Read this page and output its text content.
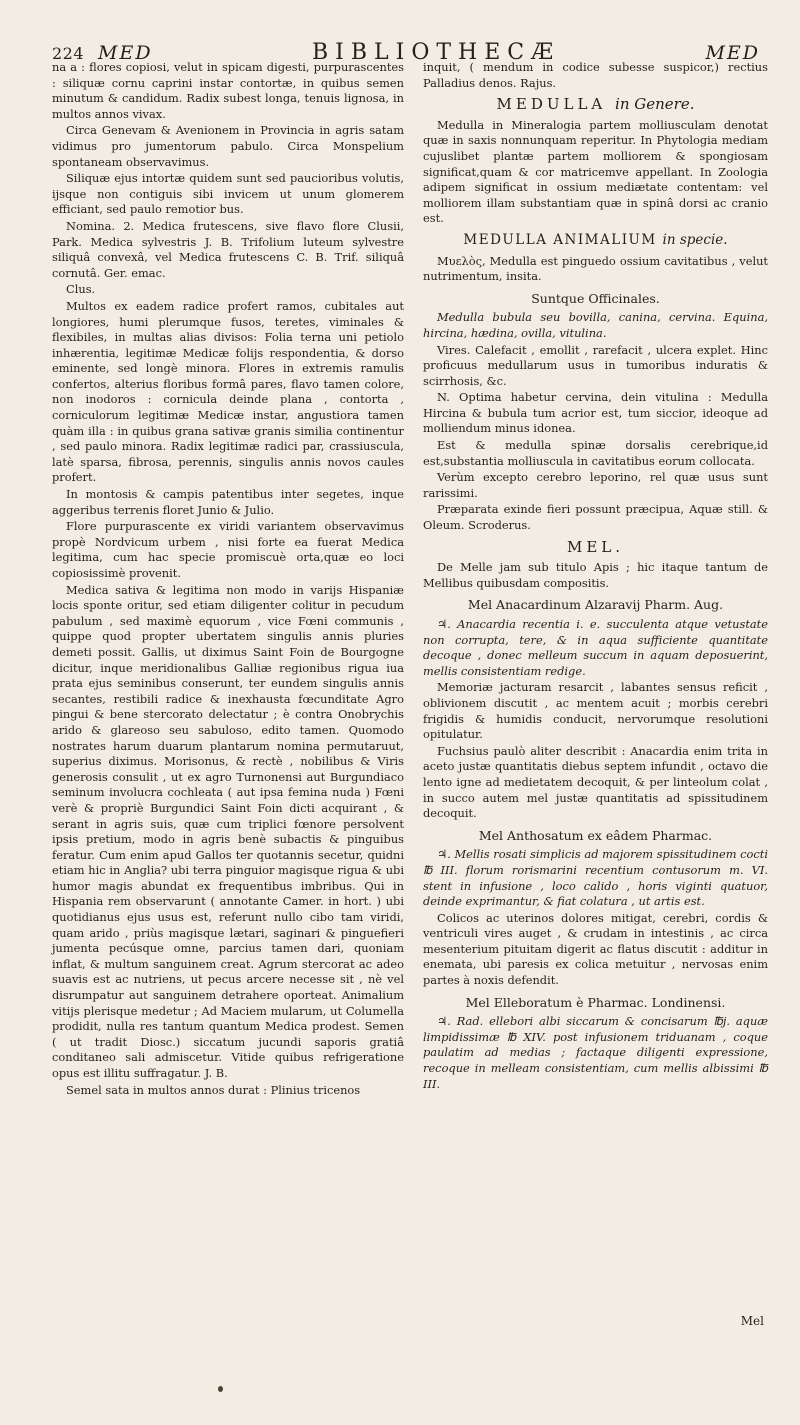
224 MED	BIBLIOTHECÆ	MED

na a : flores copiosi, velut in spicam digesti, purpurascentes : siliquæ cornu caprini instar contortæ, in quibus semen minutum & candidum. Radix subest longa, tenuis lignosa, in multos annos vivax.

Circa Genevam & Avenionem in Provincia in agris satam vidimus pro jumentorum pabulo. Circa Monspelium spontaneam observavimus.

Siliquæ ejus intortæ quidem sunt sed paucioribus volutis, ijsque non contiguis sibi invicem ut unum glomerem efficiant, sed paulo remotior bus.

Nomina. 2. Medica frutescens, sive flavo flore Clusii, Park. Medica sylvestris J. B. Trifolium luteum sylvestre siliquâ convexâ, vel Medica frutescens C. B. Trif. siliquâ cornutâ. Ger. emac.

Clus.

Multos ex eadem radice profert ramos, cubitales aut longiores, humi plerumque fusos, teretes, viminales & flexibiles, in multas alias divisos: Folia terna uni petiolo inhærentia, legitimæ Medicæ folijs respondentia, & dorso eminente, sed longè minora. Flores in extremis ramulis confertos, alterius floribus formâ pares, flavo tamen colore, non inodoros : corniculа deinde plana , contorta , corniculorum legitimæ Medicæ instar, angustiora tamen quàm illa : in quibus grana sativæ granis similia continentur , sed paulo minora. Radix legitimæ radici par, crassiuscula, latè sparsa, fibrosa, perennis, singulis annis novos caules profert.

In montosis & campis patentibus inter segetes, inque aggeribus terrenis floret Junio & Julio.

Flore purpurascente ex viridi variantem observavimus propè Nordvicum urbem , nisi forte ea fuerat Medica legitima, cum hac specie promiscuè orta,quæ eo loci copiosissimè provenit.

Medica sativa & legitima non modo in varijs Hispaniæ locis sponte oritur, sed etiam diligenter colitur in pecudum pabulum , sed maximè equorum , vice Fœni communis , quippe quod propter ubertatem singulis annis pluries demeti possit. Gallis, ut diximus Saint Foin de Bourgogne dicitur, inque meridionalibus Galliæ regionibus rigua iua prata ejus seminibus conserunt, ter eundem singulis annis secantes, restibili radice & inexhausta fœcunditate Agro pingui & bene stercorato delectatur ; è contra Onobrychis arido & glareoso seu sabuloso, edito tamen. Quomodo nostrates harum duarum plantarum nomina permutaruut, superius diximus. Morisonus, & rectè , nobilibus & Viris generosis consulit , ut ex agro Turnonensi aut Burgundiaco seminum involucra cochleata ( aut ipsa femina nuda ) Fœni verè & propriè Burgundici Saint Foin dicti acquirant , & serant in agris suis, quæ cum triplici fœnore persolvent ipsis pretium, modo in agris benè subactis & pinguibus feratur. Cum enim apud Gallos ter quotannis secetur, quidni etiam hic in Anglia? ubi terra pinguior magisque rigua & ubi humor magis abundat ex frequentibus imbribus. Qui in Hispania rem observarunt ( annotante Camer. in hort. ) ubi quotidianus ejus usus est, referunt nullo cibo tam viridi, quam arido , priùs magisque lætari, saginari & pinguefieri jumenta pecúsque omne, parcius tamen dari, quoniam inflat, & multum sanguinem creat. Agrum stercorat ac adeo suavis est ac nutriens, ut pecus arcere necesse sit , nè vel disrumpatur aut sanguinem detrahere oporteat. Animalium vitijs plerisque medetur ; Ad Maciem mularum, ut Columella prodidit, nulla res tantum quantum Medica prodest. Semen ( ut tradit Diosc.) siccatum jucundi saporis gratiâ conditaneo sali admiscetur. Vitide quibus refrigeratione opus est illitu suffragatur. J. B.

Semel sata in multos annos durat : Plinius tricenos

inquit, ( mendum in codice subesse suspicor,) rectius Palladius denos. Rajus.

MEDULLA in Genere.

Medulla in Mineralogia partem molliusculam denotat quæ in saxis nonnunquam reperitur. In Phytologia mediam cujuslibet plantæ partem molliorem & spongiosam significat,quam & cor matricemve appellant. In Zoologia adipem significat in ossium mediætate contentam: vel molliorem illam substantiam quæ in spinâ dorsi ac cranio est.

MEDULLA ANIMALIUM in specie.

Μυελὸς, Medulla est pinguedo ossium cavitatibus , velut nutrimentum, insita.

Suntque Officinales.

Medulla bubula seu bovilla, canina, cervina. Equina, hircina, hædina, ovilla, vitulina.

Vires. Calefacit , emollit , rarefacit , ulcera explet. Hinc proficuus medullarum usus in tumoribus induratis & scirrhosis, &c.

N. Optima habetur cervina, dein vitulina : Medulla Hircina & bubula tum acrior est, tum siccior, ideoque ad molliendum minus idonea.

Est & medulla spinæ dorsalis cerebrique,id est,substantia molliuscula in cavitatibus eorum collocata.

Verùm excepto cerebro leporino, rel quæ usus sunt rarissimi.

Præparata exinde fieri possunt præcipua, Aquæ still. & Oleum. Scroderus.

MEL.

De Melle jam sub titulo Apis ; hic itaque tantum de Mellibus quibusdam compositis.

Mel Anacardinum Alzaravij Pharm. Aug.

♃. Anacardia recentia i. e. succulenta atque vetustate non corrupta, tere, & in aqua sufficiente quantitate decoque , donec melleum succum in aquam deposuerint, mellis consistentiam redige.

Memoriæ jacturam resarcit , labantes sensus reficit , oblivionem discutit , ac mentem acuit ; morbis cerebri frigidis & humidis conducit, nervorumque resolutioni opitulatur.

Fuchsius paulò aliter describit : Anacardia enim trita in aceto justæ quantitatis diebus septem infundit , octavo die lento igne ad medietatem decoquit, & per linteolum colat , in succo autem mel justæ quantitatis ad spissitudinem decoquit.

Mel Anthosatum ex eâdem Pharmac.

♃. Mellis rosati simplicis ad majorem spissitudinem cocti ℔ III. florum rorismarini recentium contusorum m. VI. stent in infusione , loco calido , horis viginti quatuor, deinde exprimantur, & fiat colatura , ut artis est.

Colicos ac uterinos dolores mitigat, cerebri, cordis & ventriculi vires auget , & crudam in intestinis , ac circa mesenterium pituitam digerit ac flatus discutit : additur in enemata, ubi paresis ex colica metuitur , nervosas enim partes à noxis defendit.

Mel Elleboratum è Pharmac. Londinensi.

♃. Rad. ellebori albi siccarum & concisarum ℔j. aquæ limpidissimæ ℔ XIV. post infusionem triduanam , coque paulatim ad medias ; factaque diligenti expressione, recoque in melleam consistentiam, cum mellis albissimi ℔ III.

Mel
